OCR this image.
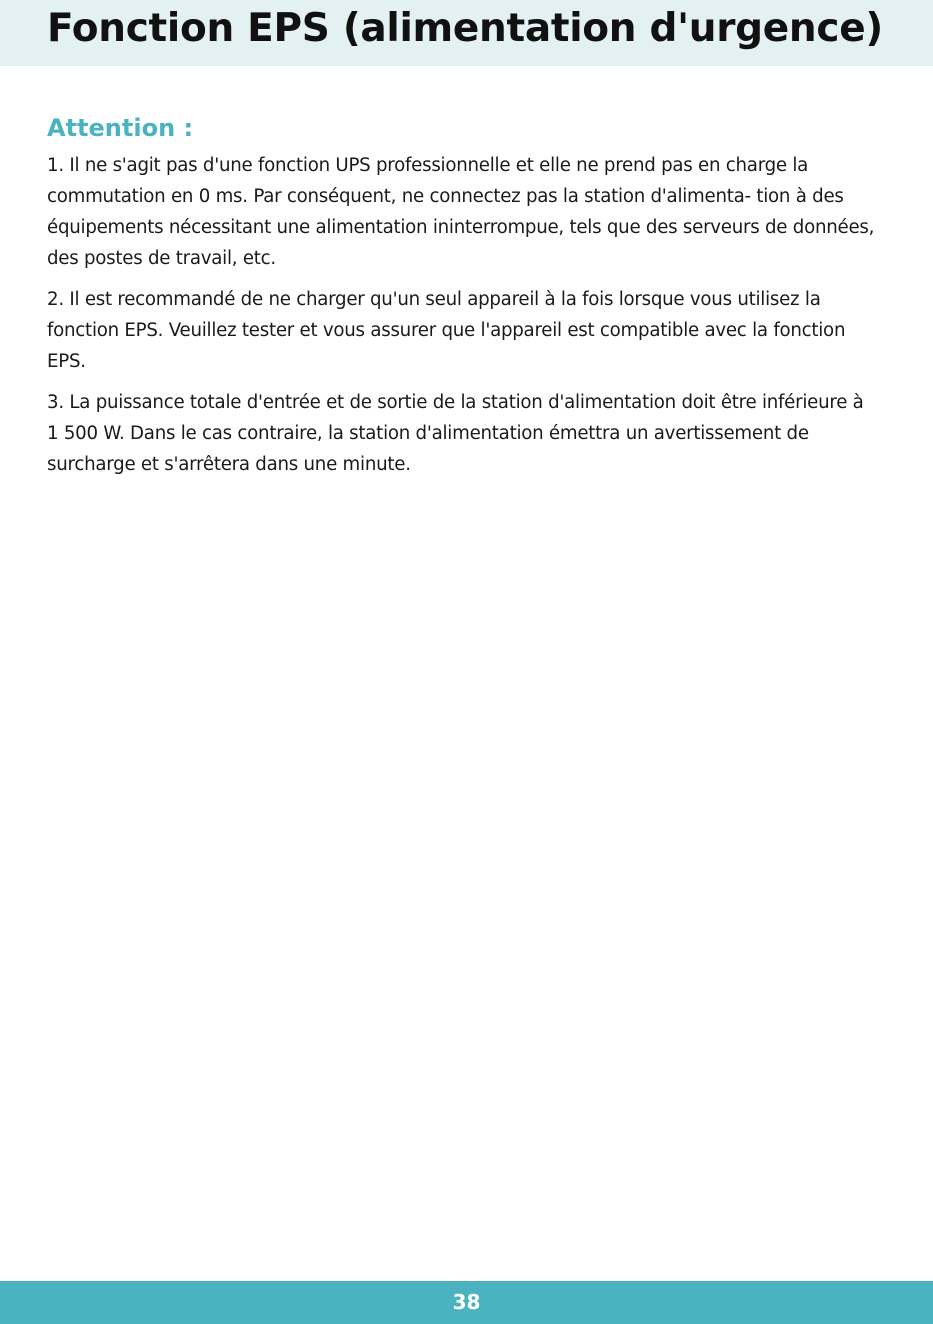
Fonction EPS (alimentation d'urgence)
Attention :
1. Il ne s'agit pas d'une fonction UPS professionnelle et elle ne prend pas en charge la commutation en 0 ms. Par conséquent, ne connectez pas la station d'alimenta- tion à des équipements nécessitant une alimentation ininterrompue, tels que des serveurs de données, des postes de travail, etc.
2. Il est recommandé de ne charger qu'un seul appareil à la fois lorsque vous utilisez la fonction EPS. Veuillez tester et vous assurer que l'appareil est compatible avec la fonction EPS.
3. La puissance totale d'entrée et de sortie de la station d'alimentation doit être inférieure à 1 500 W. Dans le cas contraire, la station d'alimentation émettra un avertissement de surcharge et s'arrêtera dans une minute.
38
